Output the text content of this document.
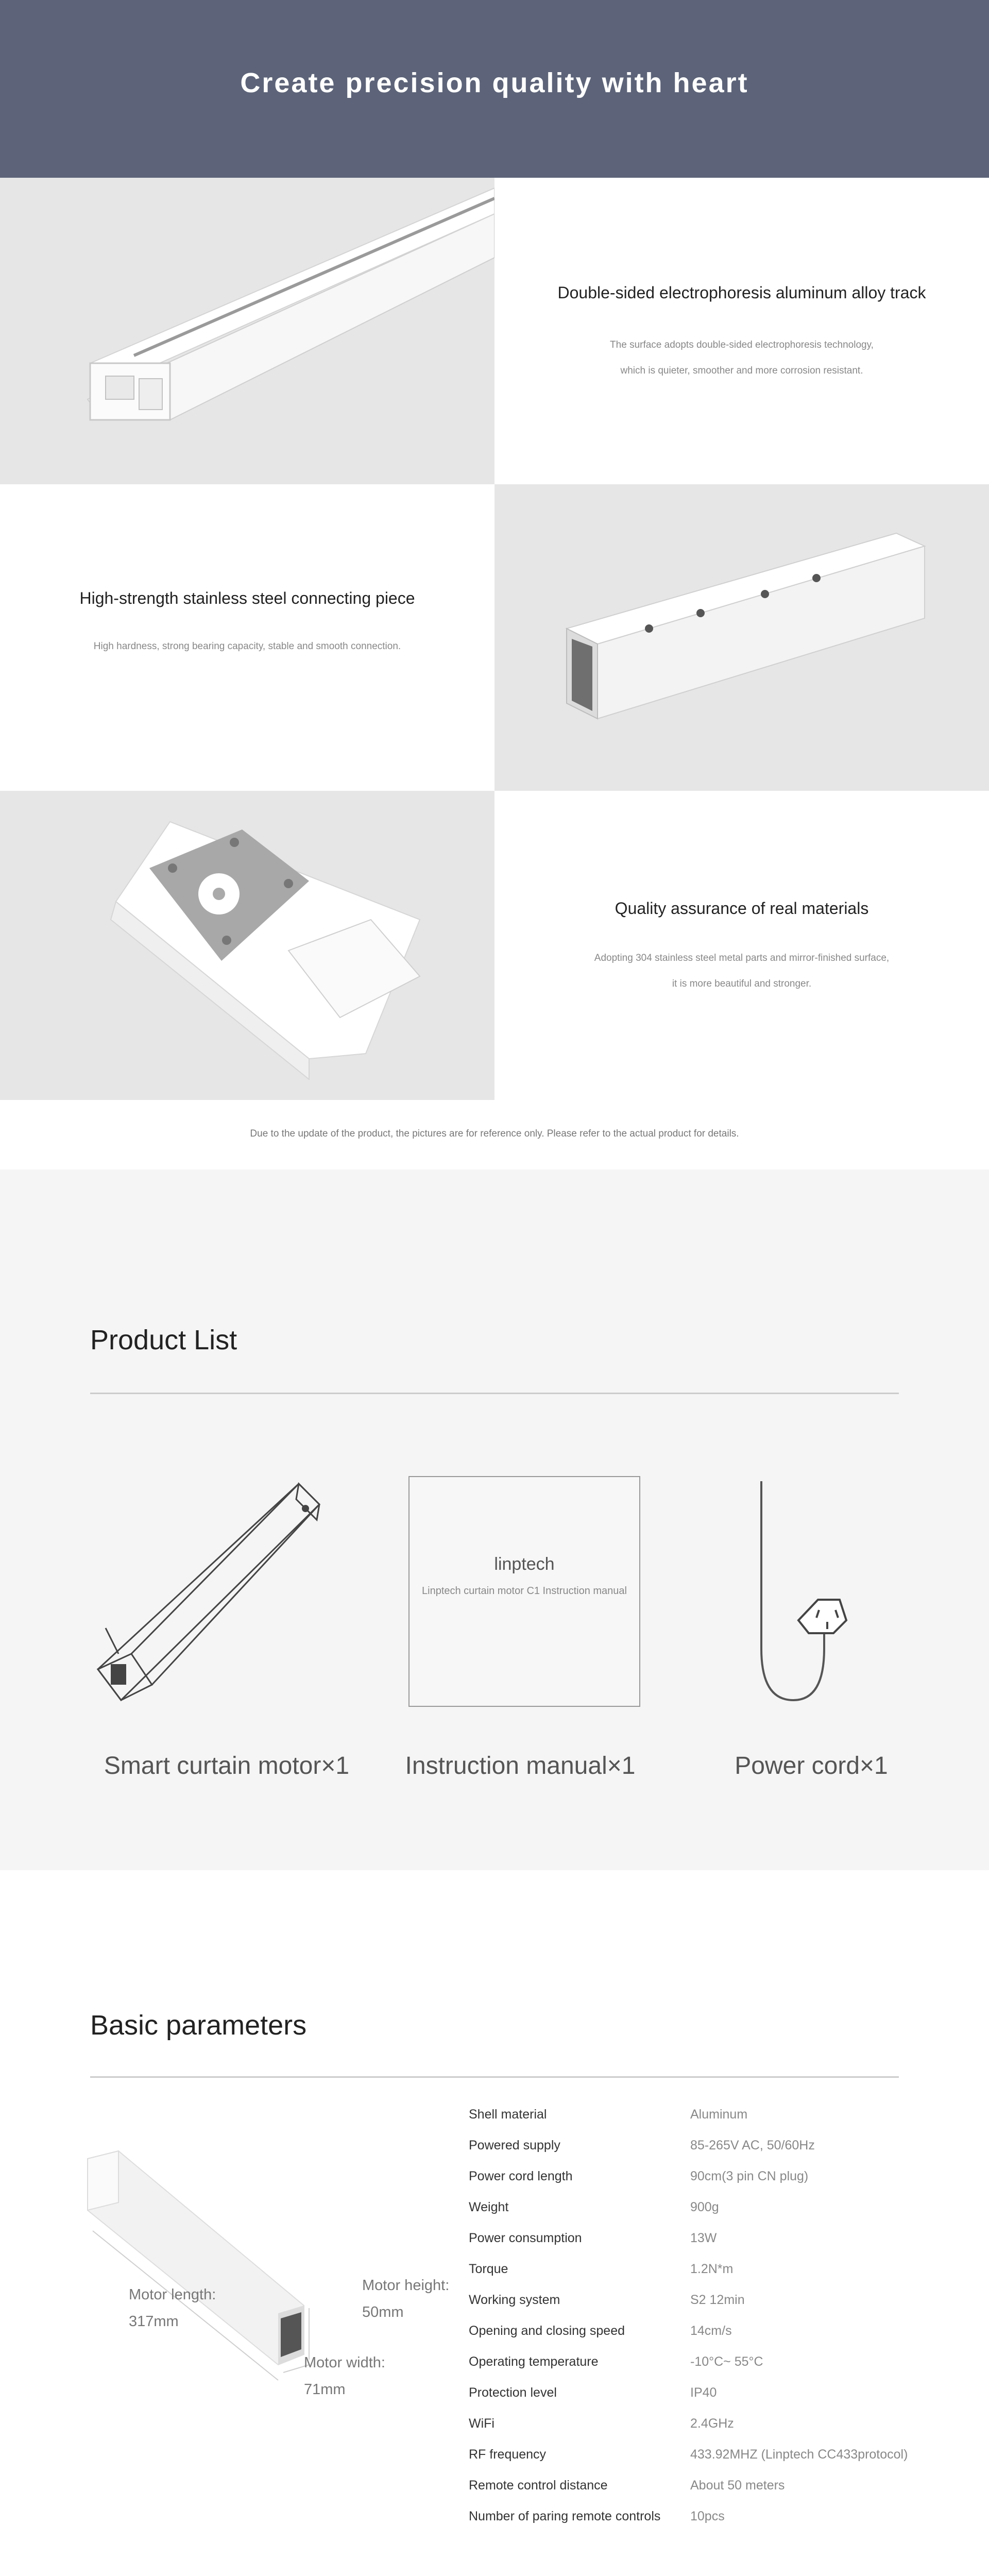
Create precision quality with heart
Double-sided electrophoresis aluminum alloy track
The surface adopts double-sided electrophoresis technology,
which is quieter, smoother and more corrosion resistant.
High-strength stainless steel connecting piece
High hardness, strong bearing capacity, stable and smooth connection.
Quality assurance of real materials
Adopting 304 stainless steel metal parts and mirror-finished surface,
it is more beautiful and stronger.
Due to the update of the product, the pictures are for reference only. Please refer to the actual product for details.
Product List
linptech
Linptech curtain motor C1 Instruction manual
Smart curtain motor×1	Instruction manual×1	Power cord×1
Basic parameters
Motor length:
317mm
Motor height:
50mm
Motor width:
71mm
Shell material	Aluminum
Powered supply	85-265V AC, 50/60Hz
Power cord length	90cm(3 pin CN plug)
Weight	900g
Power consumption	13W
Torque	1.2N*m
Working system	S2 12min
Opening and closing speed	14cm/s
Operating temperature	-10°C~ 55°C
Protection level	IP40
WiFi	2.4GHz
RF frequency	433.92MHZ (Linptech CC433protocol)
Remote control distance	About 50 meters
Number of paring remote controls 10pcs
